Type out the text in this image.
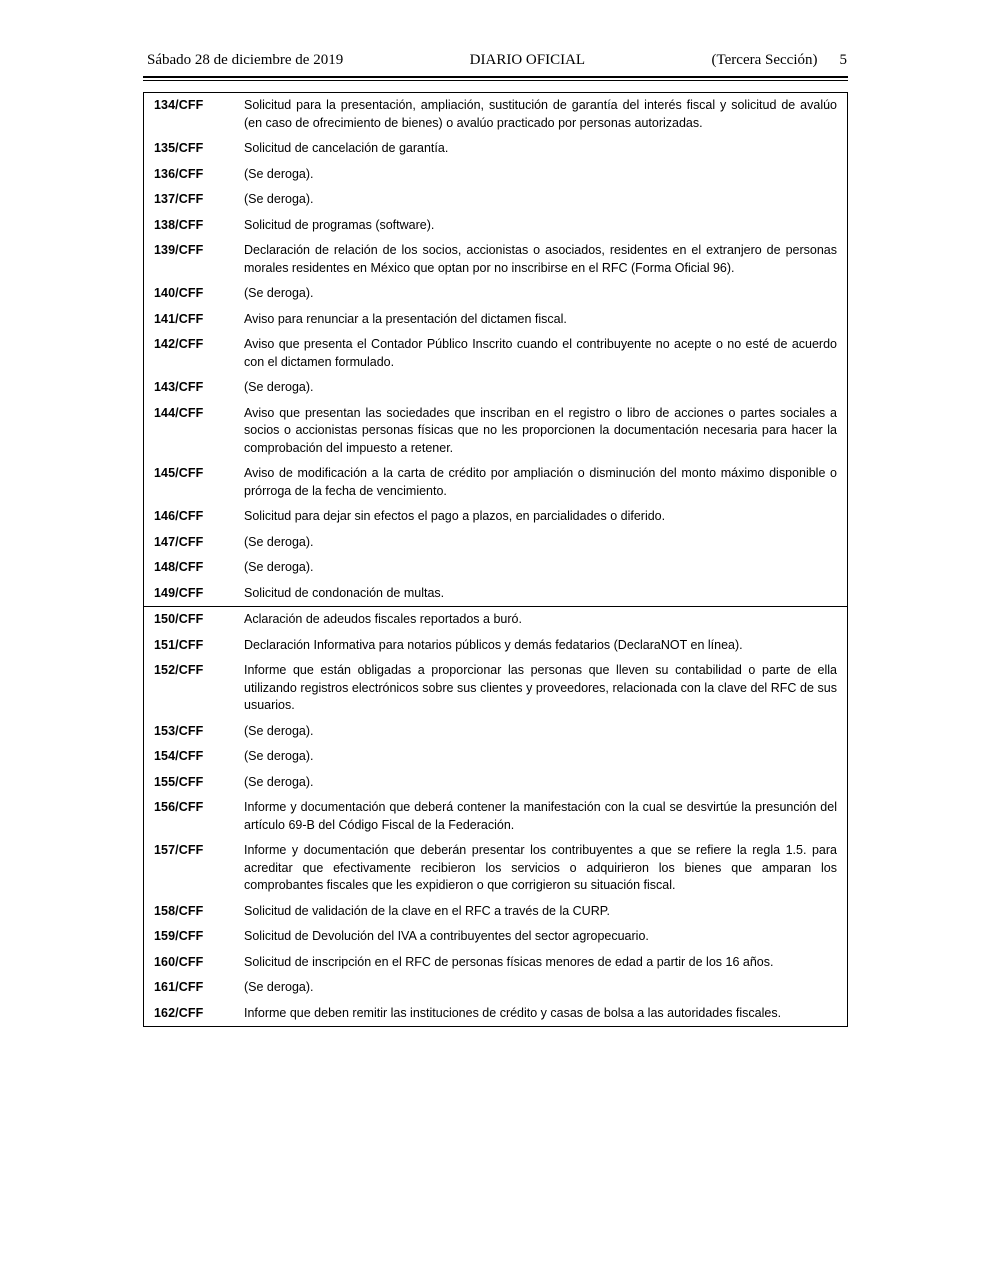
Sábado 28 de diciembre de 2019	DIARIO OFICIAL	(Tercera Sección) 5
134/CFF	Solicitud para la presentación, ampliación, sustitución de garantía del interés fiscal y solicitud de avalúo (en caso de ofrecimiento de bienes) o avalúo practicado por personas autorizadas.
135/CFF	Solicitud de cancelación de garantía.
136/CFF	(Se deroga).
137/CFF	(Se deroga).
138/CFF	Solicitud de programas (software).
139/CFF	Declaración de relación de los socios, accionistas o asociados, residentes en el extranjero de personas morales residentes en México que optan por no inscribirse en el RFC (Forma Oficial 96).
140/CFF	(Se deroga).
141/CFF	Aviso para renunciar a la presentación del dictamen fiscal.
142/CFF	Aviso que presenta el Contador Público Inscrito cuando el contribuyente no acepte o no esté de acuerdo con el dictamen formulado.
143/CFF	(Se deroga).
144/CFF	Aviso que presentan las sociedades que inscriban en el registro o libro de acciones o partes sociales a socios o accionistas personas físicas que no les proporcionen la documentación necesaria para hacer la comprobación del impuesto a retener.
145/CFF	Aviso de modificación a la carta de crédito por ampliación o disminución del monto máximo disponible o prórroga de la fecha de vencimiento.
146/CFF	Solicitud para dejar sin efectos el pago a plazos, en parcialidades o diferido.
147/CFF	(Se deroga).
148/CFF	(Se deroga).
149/CFF	Solicitud de condonación de multas.
150/CFF	Aclaración de adeudos fiscales reportados a buró.
151/CFF	Declaración Informativa para notarios públicos y demás fedatarios (DeclaraNOT en línea).
152/CFF	Informe que están obligadas a proporcionar las personas que lleven su contabilidad o parte de ella utilizando registros electrónicos sobre sus clientes y proveedores, relacionada con la clave del RFC de sus usuarios.
153/CFF	(Se deroga).
154/CFF	(Se deroga).
155/CFF	(Se deroga).
156/CFF	Informe y documentación que deberá contener la manifestación con la cual se desvirtúe la presunción del artículo 69-B del Código Fiscal de la Federación.
157/CFF	Informe y documentación que deberán presentar los contribuyentes a que se refiere la regla 1.5. para acreditar que efectivamente recibieron los servicios o adquirieron los bienes que amparan los comprobantes fiscales que les expidieron o que corrigieron su situación fiscal.
158/CFF	Solicitud de validación de la clave en el RFC a través de la CURP.
159/CFF	Solicitud de Devolución del IVA a contribuyentes del sector agropecuario.
160/CFF	Solicitud de inscripción en el RFC de personas físicas menores de edad a partir de los 16 años.
161/CFF	(Se deroga).
162/CFF	Informe que deben remitir las instituciones de crédito y casas de bolsa a las autoridades fiscales.
